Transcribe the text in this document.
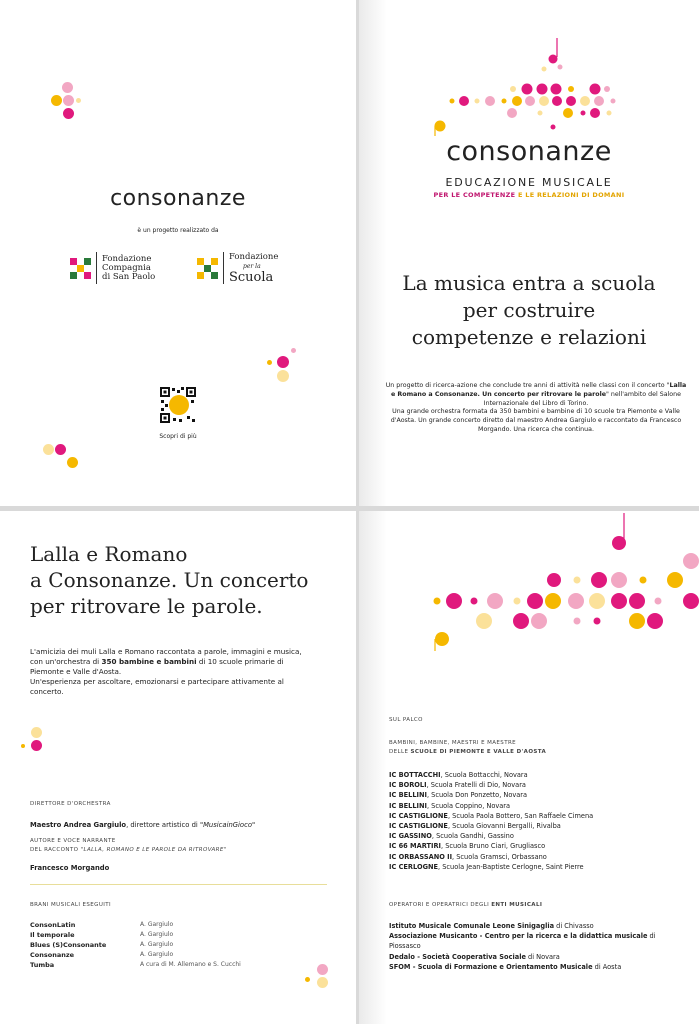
consonanze
è un progetto realizzato da
Fondazione
Compagnia
di San Paolo
Fondazione
per la
Scuola
Scopri di più
consonanze
EDUCAZIONE MUSICALE
PER LE COMPETENZE E LE RELAZIONI DI DOMANI
La musica entra a scuola
per costruire
competenze e relazioni
Un progetto di ricerca-azione che conclude tre anni di attività nelle classi con il concerto "Lalla e Romano a Consonanze. Un concerto per ritrovare le parole" nell'ambito del Salone Internazionale del Libro di Torino.
Una grande orchestra formata da 350 bambini e bambine di 10 scuole tra Piemonte e Valle d'Aosta. Un grande concerto diretto dal maestro Andrea Gargiulo e raccontato da Francesco Morgando. Una ricerca che continua.
Lalla e Romano
a Consonanze. Un concerto
per ritrovare le parole.
L'amicizia dei muli Lalla e Romano raccontata a parole, immagini e musica, con un'orchestra di 350 bambine e bambini di 10 scuole primarie di Piemonte e Valle d'Aosta.
Un'esperienza per ascoltare, emozionarsi e partecipare attivamente al concerto.
DIRETTORE D'ORCHESTRA
Maestro Andrea Gargiulo, direttore artistico di "MusicainGioco"
AUTORE E VOCE NARRANTE
DEL RACCONTO "LALLA, ROMANO E LE PAROLE DA RITROVARE"
Francesco Morgando
BRANI MUSICALI ESEGUITI
ConsonLatin	A. Gargiulo
Il temporale	A. Gargiulo
Blues (S)Consonante	A. Gargiulo
Consonanze	A. Gargiulo
Tumba	A cura di M. Allemano e S. Cucchi
SUL PALCO
BAMBINI, BAMBINE, MAESTRI E MAESTRE
DELLE SCUOLE DI PIEMONTE E VALLE D'AOSTA
IC BOTTACCHI, Scuola Bottacchi, Novara
IC BOROLI, Scuola Fratelli di Dio, Novara
IC BELLINI, Scuola Don Ponzetto, Novara
IC BELLINI, Scuola Coppino, Novara
IC CASTIGLIONE, Scuola Paola Bottero, San Raffaele Cimena
IC CASTIGLIONE, Scuola Giovanni Bergalli, Rivalba
IC GASSINO, Scuola Gandhi, Gassino
IC 66 MARTIRI, Scuola Bruno Ciari, Grugliasco
IC ORBASSANO II, Scuola Gramsci, Orbassano
IC CERLOGNE, Scuola Jean-Baptiste Cerlogne, Saint Pierre
OPERATORI E OPERATRICI DEGLI ENTI MUSICALI
Istituto Musicale Comunale Leone Sinigaglia di Chivasso
Associazione Musicanto - Centro per la ricerca e la didattica musicale di Piossasco
Dedalo - Società Cooperativa Sociale di Novara
SFOM - Scuola di Formazione e Orientamento Musicale di Aosta
